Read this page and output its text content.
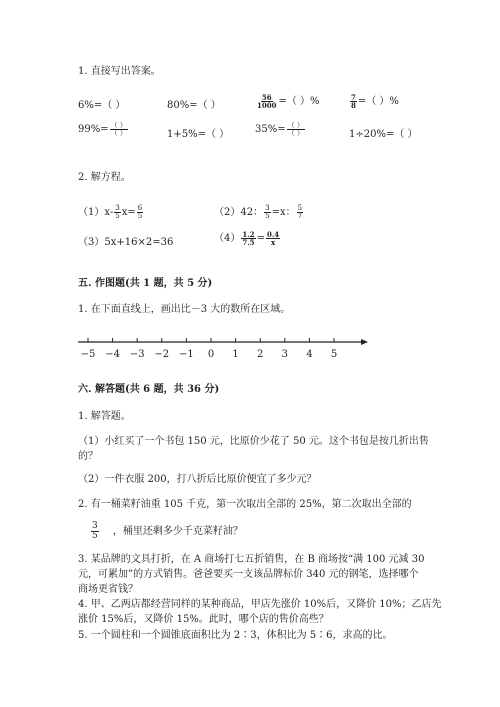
1. 直接写出答案。
6%=（ ）	80%=（ ）	$\frac{56}{1000}$ =（ ）%	$\frac{7}{8}$ =（ ）%
$99\%= \frac{( )}{( )}$	1+5%=（ ）	$35\%= \frac{( )}{( )}$	1÷20%=（ ）
2. 解方程。
$(1)x- \frac{3}{5} x= \frac{6}{5}$	（2）42： $\frac{3}{5} =x$： $\frac{5}{7}$
（3）5x+16×2=36	$(4) \frac{1.2}{7.5} = \frac{0.4}{x}$
五. 作图题(共 1 题，共 5 分)
1. 在下面直线上，画出比－3 大的数所在区域。
−5 −4 −3 −2 −1 0 1 2 3 4 5
六. 解答题(共 6 题，共 36 分)
1. 解答题。
（1）小红买了一个书包 150 元，比原价少花了 50 元。这个书包是按几折出售
的？
（2）一件衣服 200，打八折后比原价便宜了多少元？
2. 有一桶菜籽油重 105 千克，第一次取出全部的 25%，第二次取出全部的
$\frac{3}{5}$ ，桶里还剩多少千克菜籽油？
3. 某品牌的文具打折，在 A 商场打七五折销售，在 B 商场按“满 100 元减 30
元，可累加”的方式销售。爸爸要买一支该品牌标价 340 元的钢笔，选择哪个
商场更省钱？
4. 甲、乙两店都经营同样的某种商品，甲店先涨价 10%后，又降价 10%；乙店先
涨价 15%后，又降价 15%。此时，哪个店的售价高些？
5. 一个圆柱和一个圆锥底面积比为 2∶3，体积比为 5∶6，求高的比。
